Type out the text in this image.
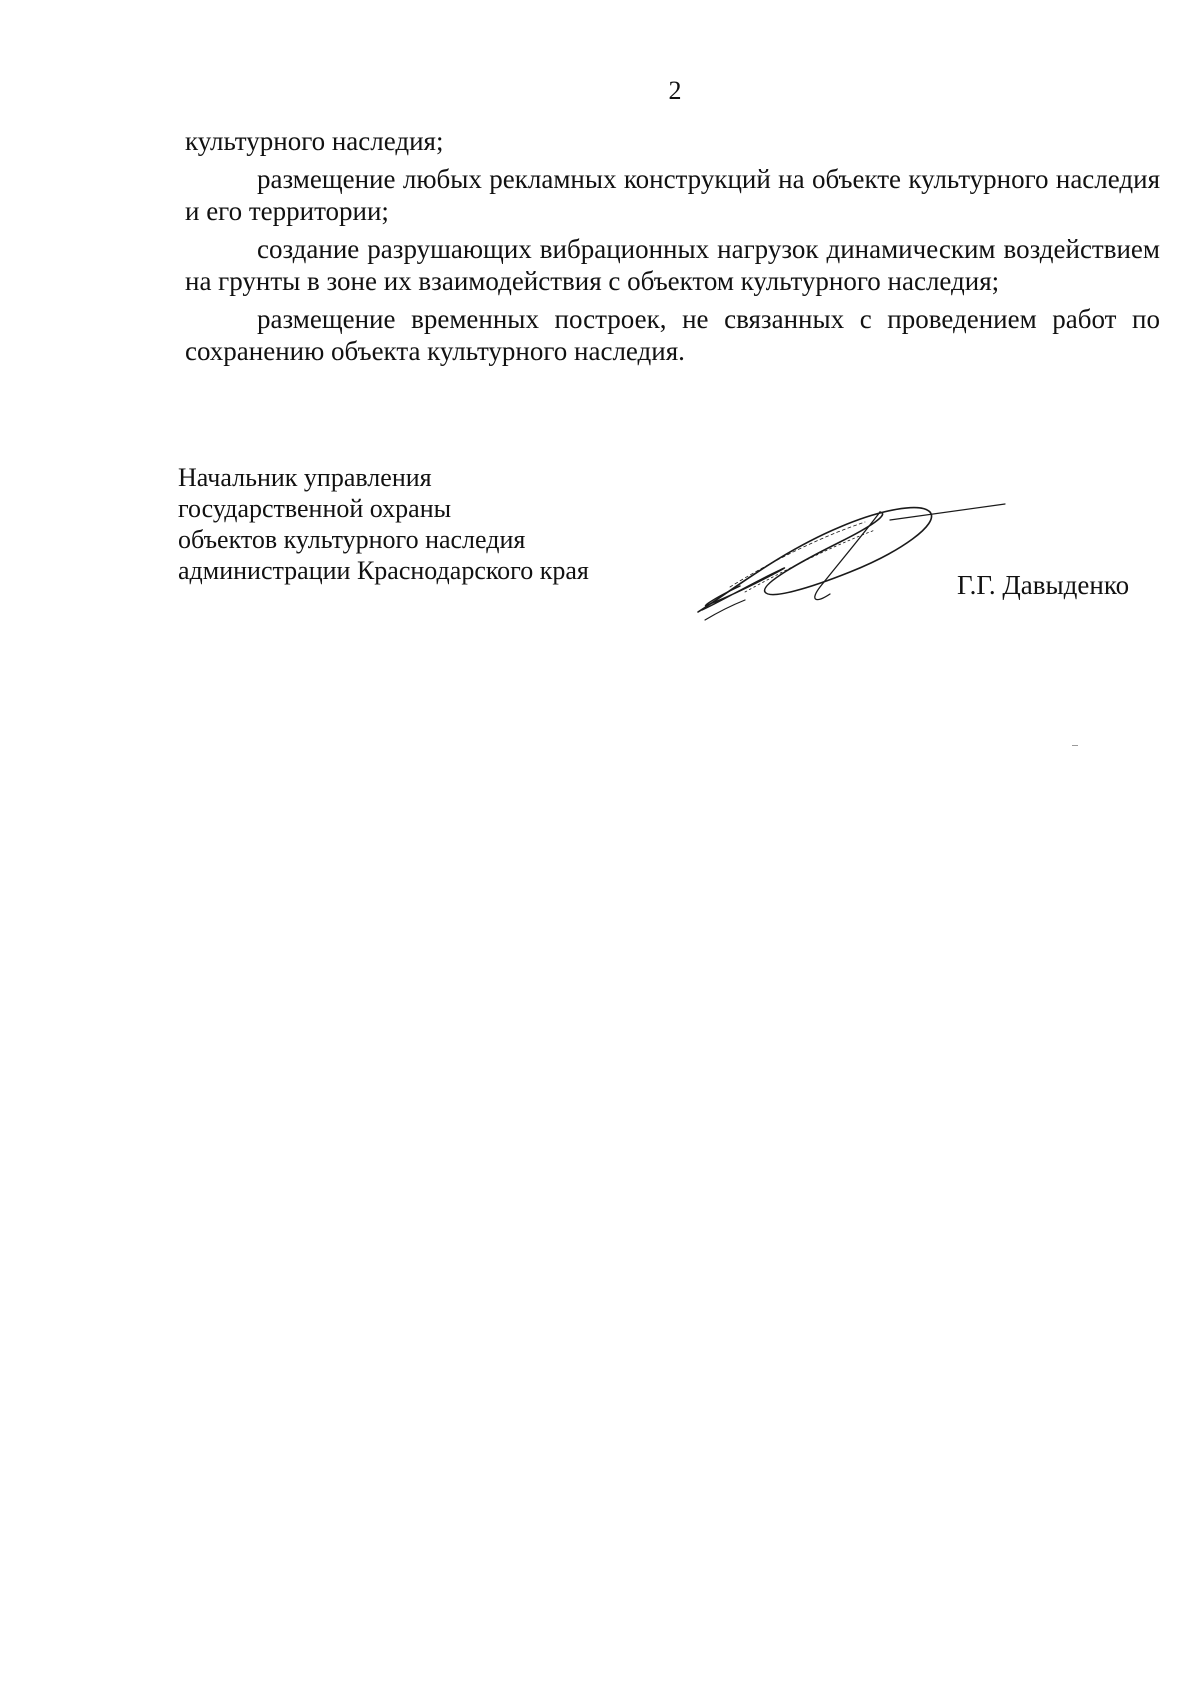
2

культурного наследия;

размещение любых рекламных конструкций на объекте культурного наследия и его территории;

создание разрушающих вибрационных нагрузок динамическим воздействием на грунты в зоне их взаимодействия с объектом культурного наследия;

размещение временных построек, не связанных с проведением работ по сохранению объекта культурного наследия.

Начальник управления
государственной охраны
объектов культурного наследия
администрации Краснодарского края	Г.Г. Давыденко
